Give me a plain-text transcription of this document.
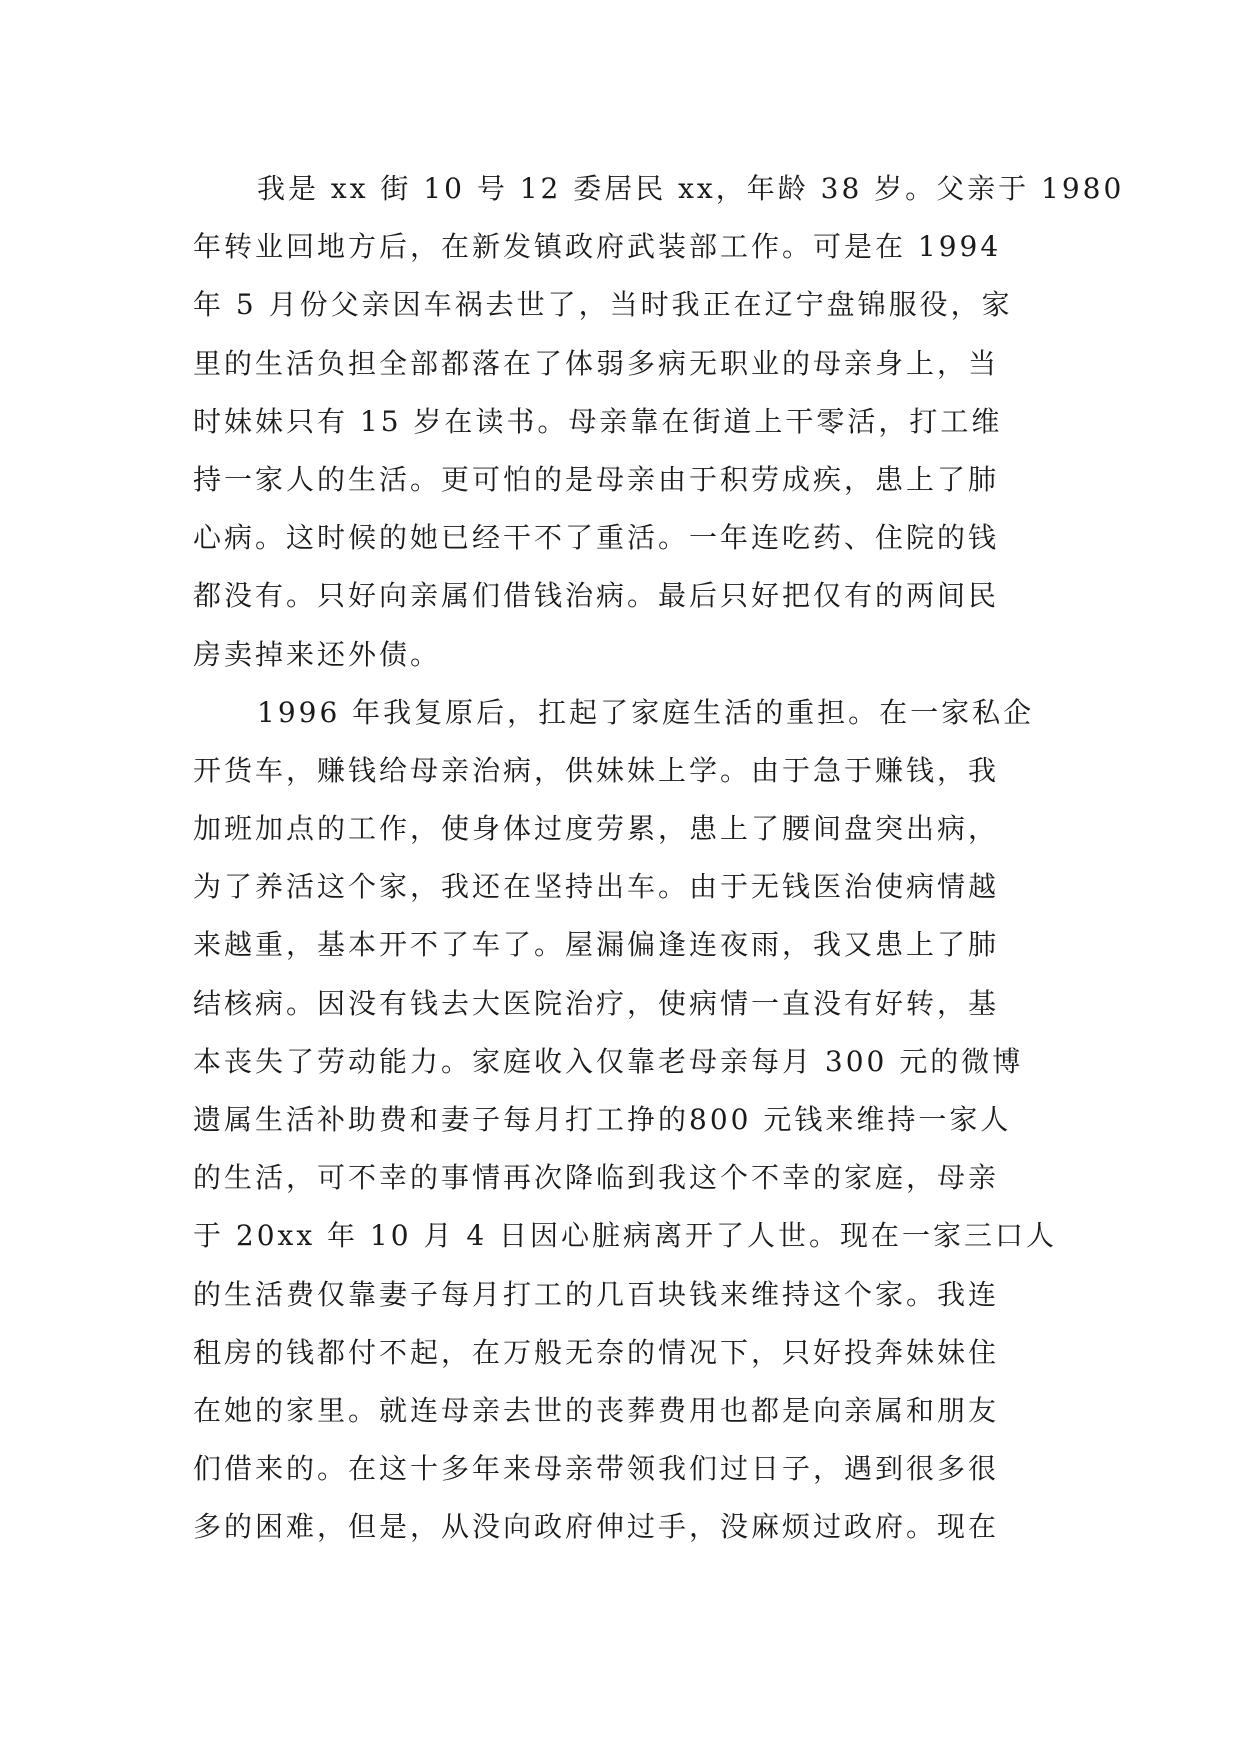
我是 xx 街 10 号 12 委居民 xx，年龄 38 岁。父亲于 1980
年转业回地方后，在新发镇政府武装部工作。可是在 1994
年 5 月份父亲因车祸去世了，当时我正在辽宁盘锦服役，家
里的生活负担全部都落在了体弱多病无职业的母亲身上，当
时妹妹只有 15 岁在读书。母亲靠在街道上干零活，打工维
持一家人的生活。更可怕的是母亲由于积劳成疾，患上了肺
心病。这时候的她已经干不了重活。一年连吃药、住院的钱
都没有。只好向亲属们借钱治病。最后只好把仅有的两间民
房卖掉来还外债。
1996 年我复原后，扛起了家庭生活的重担。在一家私企
开货车，赚钱给母亲治病，供妹妹上学。由于急于赚钱，我
加班加点的工作，使身体过度劳累，患上了腰间盘突出病，
为了养活这个家，我还在坚持出车。由于无钱医治使病情越
来越重，基本开不了车了。屋漏偏逢连夜雨，我又患上了肺
结核病。因没有钱去大医院治疗，使病情一直没有好转，基
本丧失了劳动能力。家庭收入仅靠老母亲每月 300 元的微博
遗属生活补助费和妻子每月打工挣的800 元钱来维持一家人
的生活，可不幸的事情再次降临到我这个不幸的家庭，母亲
于 20xx 年 10 月 4 日因心脏病离开了人世。现在一家三口人
的生活费仅靠妻子每月打工的几百块钱来维持这个家。我连
租房的钱都付不起，在万般无奈的情况下，只好投奔妹妹住
在她的家里。就连母亲去世的丧葬费用也都是向亲属和朋友
们借来的。在这十多年来母亲带领我们过日子，遇到很多很
多的困难，但是，从没向政府伸过手，没麻烦过政府。现在
